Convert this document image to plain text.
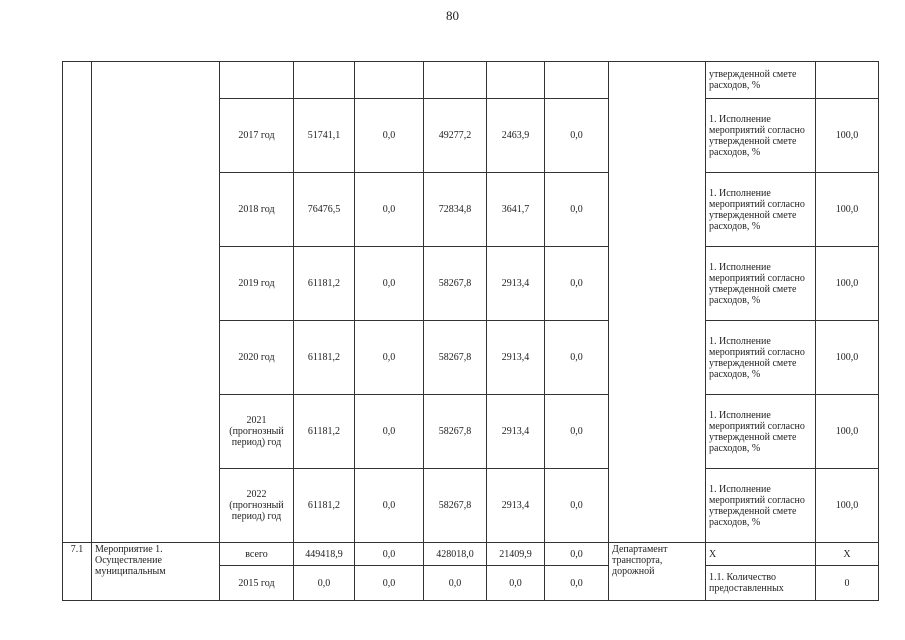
80
									утвержденной смете расходов, %	
		2017 год	51741,1	0,0	49277,2	2463,9	0,0		1. Исполнение мероприятий согласно утвержденной смете расходов, %	100,0
		2018 год	76476,5	0,0	72834,8	3641,7	0,0		1. Исполнение мероприятий согласно утвержденной смете расходов, %	100,0
		2019 год	61181,2	0,0	58267,8	2913,4	0,0		1. Исполнение мероприятий согласно утвержденной смете расходов, %	100,0
		2020 год	61181,2	0,0	58267,8	2913,4	0,0		1. Исполнение мероприятий согласно утвержденной смете расходов, %	100,0
		2021 (прогнозный период) год	61181,2	0,0	58267,8	2913,4	0,0		1. Исполнение мероприятий согласно утвержденной смете расходов, %	100,0
		2022 (прогнозный период) год	61181,2	0,0	58267,8	2913,4	0,0		1. Исполнение мероприятий согласно утвержденной смете расходов, %	100,0
7.1	Мероприятие 1. Осуществление муниципальным	всего	449418,9	0,0	428018,0	21409,9	0,0	Департамент транспорта, дорожной	X	X
		2015 год	0,0	0,0	0,0	0,0	0,0		1.1. Количество предоставленных	0
